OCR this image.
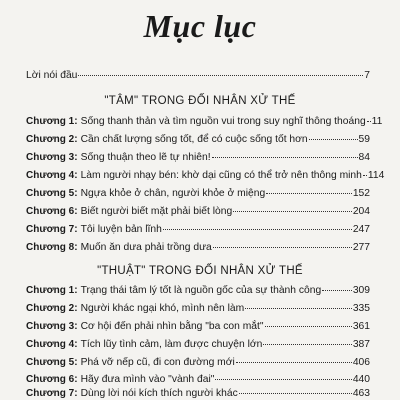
Mục lục
Lời nói đầu	7
"TÂM" TRONG ĐỐI NHÂN XỬ THẾ
Chương 1: Sống thanh thản và tìm nguồn vui trong suy nghĩ thông thoáng 11
Chương 2: Cần chất lượng sống tốt, để có cuộc sống tốt hơn	59
Chương 3: Sống thuận theo lẽ tự nhiên!	84
Chương 4: Làm người nhạy bén: khờ dại cũng có thể trở nên thông minh 114
Chương 5: Ngựa khỏe ở chân, người khỏe ở miệng	152
Chương 6: Biết người biết mặt phải biết lòng	204
Chương 7: Tôi luyện bản lĩnh	247
Chương 8: Muốn ăn dưa phải trồng dưa	277
"THUẬT" TRONG ĐỐI NHÂN XỬ THẾ
Chương 1: Trạng thái tâm lý tốt là nguồn gốc của sự thành công	309
Chương 2: Người khác ngại khó, mình nên làm	335
Chương 3: Cơ hội đến phải nhìn bằng "ba con mắt"	361
Chương 4: Tích lũy tình cảm, làm được chuyện lớn	387
Chương 5: Phá vỡ nếp cũ, đi con đường mới	406
Chương 6: Hãy đưa mình vào "vành đai"	440
Chương 7: Dùng lời nói kích thích người khác	463
